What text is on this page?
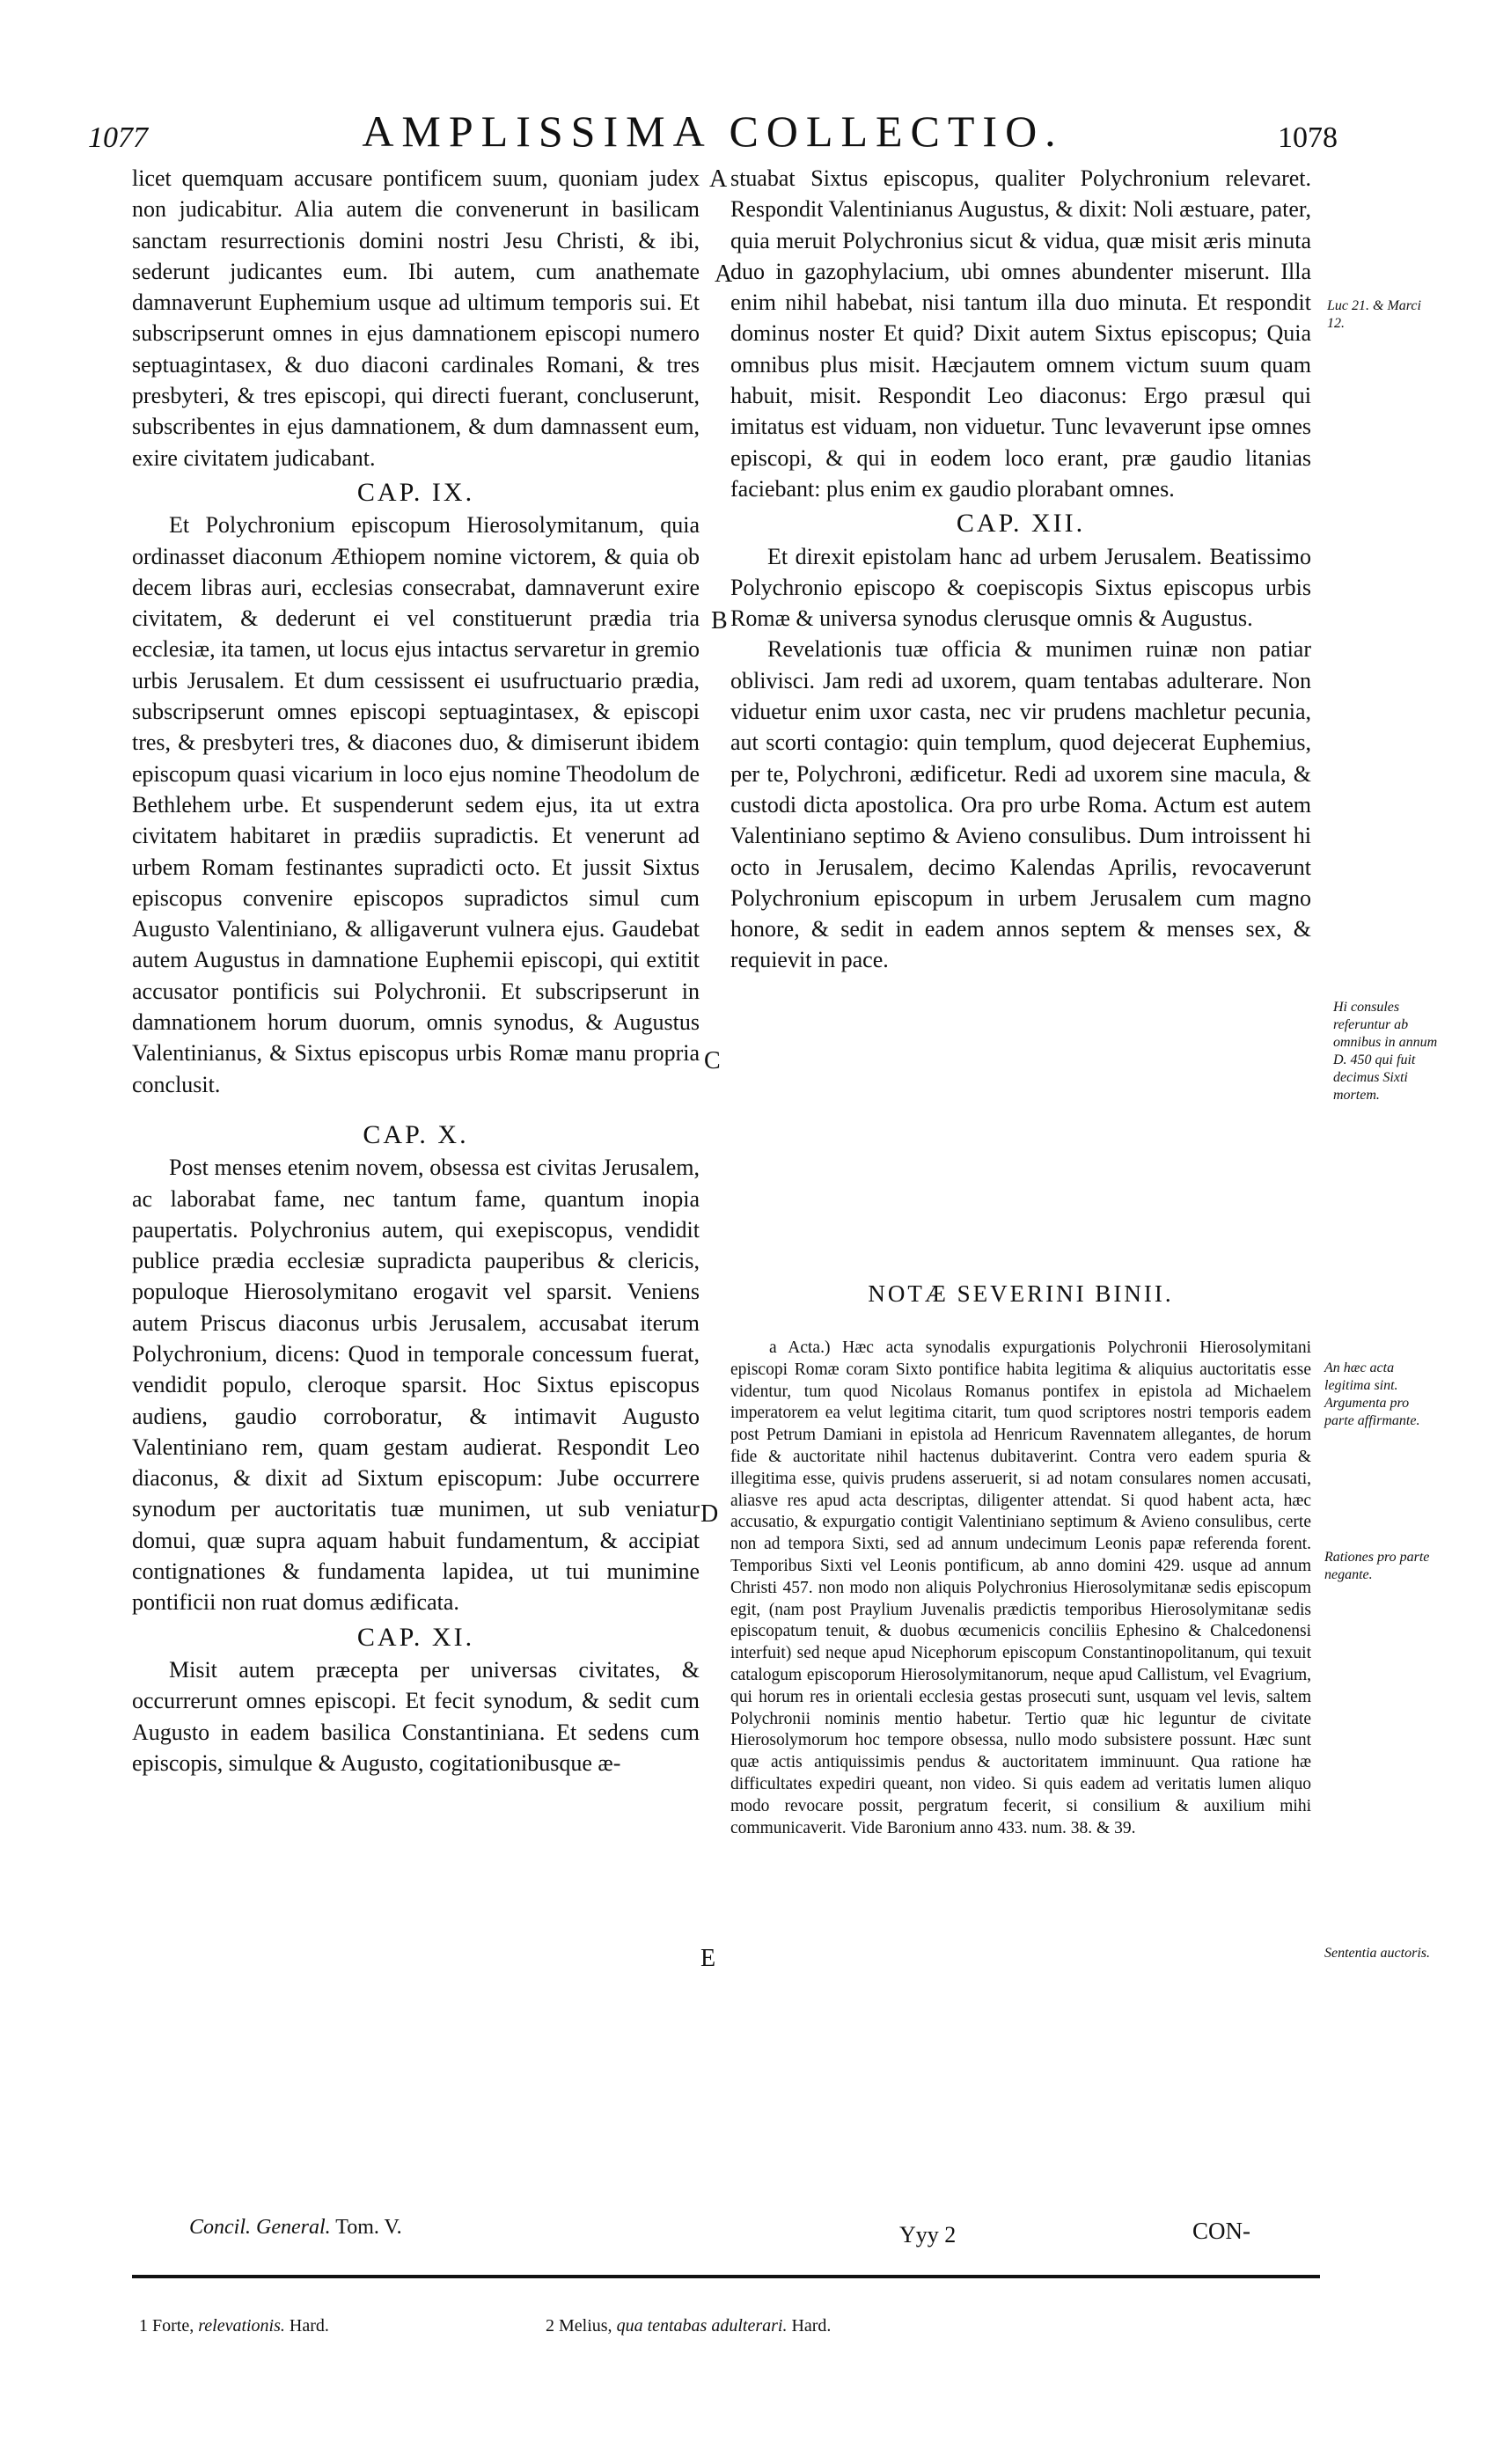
1077	AMPLISSIMA COLLECTIO.	1078

licet quemquam accusare pontificem suum, quoniam judex non judicabitur. Alia autem die convenerunt in basilicam sanctam resurrectionis domini nostri Jesu Christi, & ibi, sederunt judicantes eum. Ibi autem, cum anathemate damnaverunt Euphemium usque ad ultimum temporis sui. Et subscripserunt omnes in ejus damnationem episcopi numero septuagintasex, & duo diaconi cardinales Romani, & tres presbyteri, & tres episcopi, qui directi fuerant, concluserunt, subscribentes in ejus damnationem, & dum damnassent eum, exire civitatem judicabant.

CAP. IX.

Et Polychronium episcopum Hierosolymitanum, quia ordinasset diaconum Æthiopem nomine victorem, & quia ob decem libras auri, ecclesias consecrabat, damnaverunt exire civitatem, & dederunt ei vel constituerunt prædia tria ecclesiæ, ita tamen, ut locus ejus intactus servaretur in gremio urbis Jerusalem. Et dum cessissent ei usufructuario prædia, subscripserunt omnes episcopi septuagintasex, & episcopi tres, & presbyteri tres, & diacones duo, & dimiserunt ibidem episcopum quasi vicarium in loco ejus nomine Theodolum de Bethlehem urbe. Et suspenderunt sedem ejus, ita ut extra civitatem habitaret in prædiis supradictis. Et venerunt ad urbem Romam festinantes supradicti octo. Et jussit Sixtus episcopus convenire episcopos supradictos simul cum Augusto Valentiniano, & alligaverunt vulnera ejus. Gaudebat autem Augustus in damnatione Euphemii episcopi, qui extitit accusator pontificis sui Polychronii. Et subscripserunt in damnationem horum duorum, omnis synodus, & Augustus Valentinianus, & Sixtus episcopus urbis Romæ manu propria conclusit.

CAP. X.

Post menses etenim novem, obsessa est civitas Jerusalem, ac laborabat fame, nec tantum fame, quantum inopia paupertatis. Polychronius autem, qui exepiscopus, vendidit publice prædia ecclesiæ supradicta pauperibus & clericis, populoque Hierosolymitano erogavit vel sparsit. Veniens autem Priscus diaconus urbis Jerusalem, accusabat iterum Polychronium, dicens: Quod in temporale concessum fuerat, vendidit populo, cleroque sparsit. Hoc Sixtus episcopus audiens, gaudio corroboratur, & intimavit Augusto Valentiniano rem, quam gestam audierat. Respondit Leo diaconus, & dixit ad Sixtum episcopum: Jube occurrere synodum per auctoritatis tuæ munimen, ut sub veniatur domui, quæ supra aquam habuit fundamentum, & accipiat contignationes & fundamenta lapidea, ut tui munimine pontificii non ruat domus ædificata.

CAP. XI.

Misit autem præcepta per universas civitates, & occurrerunt omnes episcopi. Et fecit synodum, & sedit cum Augusto in eadem basilica Constantiniana. Et sedens cum episcopis, simulque & Augusto, cogitationibusque æ-

stuabat Sixtus episcopus, qualiter Polychronium relevaret. Respondit Valentinianus Augustus, & dixit: Noli æstuare, pater, quia meruit Polychronius sicut & vidua, quæ misit æris minuta duo in gazophylacium, ubi omnes abundenter miserunt. Illa enim nihil habebat, nisi tantum illa duo minuta. Et respondit dominus noster Et quid? Dixit autem Sixtus episcopus; Quia omnibus plus misit. Hæcjautem omnem victum suum quam habuit, misit. Respondit Leo diaconus: Ergo præsul qui imitatus est viduam, non viduetur. Tunc levaverunt ipse omnes episcopi, & qui in eodem loco erant, præ gaudio litanias faciebant: plus enim ex gaudio plorabant omnes.

CAP. XII.

Et direxit epistolam hanc ad urbem Jerusalem. Beatissimo Polychronio episcopo & coepiscopis Sixtus episcopus urbis Romæ & universa synodus clerusque omnis & Augustus.

Revelationis tuæ officia & munimen ruinæ non patiar oblivisci. Jam redi ad uxorem, quam tentabas adulterare. Non viduetur enim uxor casta, nec vir prudens machletur pecunia, aut scorti contagio: quin templum, quod dejecerat Euphemius, per te, Polychroni, ædificetur. Redi ad uxorem sine macula, & custodi dicta apostolica. Ora pro urbe Roma. Actum est autem Valentiniano septimo & Avieno consulibus. Dum introissent hi octo in Jerusalem, decimo Kalendas Aprilis, revocaverunt Polychronium episcopum in urbem Jerusalem cum magno honore, & sedit in eadem annos septem & menses sex, & requievit in pace.

A
A
B
C
D
E
Luc 21. & Marci 12.
Hi consules referuntur ab omnibus in annum D. 450 qui fuit decimus Sixti mortem.
An hæc acta legitima sint. Argumenta pro parte affirmante.
Rationes pro parte negante.
Sententia auctoris.
NOTÆ SEVERINI BINII.

a Acta.) Hæc acta synodalis expurgationis Polychronii Hierosolymitani episcopi Romæ coram Sixto pontifice habita legitima & aliquius auctoritatis esse videntur, tum quod Nicolaus Romanus pontifex in epistola ad Michaelem imperatorem ea velut legitima citarit, tum quod scriptores nostri temporis eadem post Petrum Damiani in epistola ad Henricum Ravennatem allegantes, de horum fide & auctoritate nihil hactenus dubitaverint. Contra vero eadem spuria & illegitima esse, quivis prudens asseruerit, si ad notam consulares nomen accusati, aliasve res apud acta descriptas, diligenter attendat. Si quod habent acta, hæc accusatio, & expurgatio contigit Valentiniano septimum & Avieno consulibus, certe non ad tempora Sixti, sed ad annum undecimum Leonis papæ referenda forent. Temporibus Sixti vel Leonis pontificum, ab anno domini 429. usque ad annum Christi 457. non modo non aliquis Polychronius Hierosolymitanæ sedis episcopum egit, (nam post Praylium Juvenalis prædictis temporibus Hierosolymitanæ sedis episcopatum tenuit, & duobus œcumenicis conciliis Ephesino & Chalcedonensi interfuit) sed neque apud Nicephorum episcopum Constantinopolitanum, qui texuit catalogum episcoporum Hierosolymitanorum, neque apud Callistum, vel Evagrium, qui horum res in orientali ecclesia gestas prosecuti sunt, usquam vel levis, saltem Polychronii nominis mentio habetur. Tertio quæ hic leguntur de civitate Hierosolymorum hoc tempore obsessa, nullo modo subsistere possunt. Hæc sunt quæ actis antiquissimis pendus & auctoritatem imminuunt. Qua ratione hæ difficultates expediri queant, non video. Si quis eadem ad veritatis lumen aliquo modo revocare possit, pergratum fecerit, si consilium & auxilium mihi communicaverit. Vide Baronium anno 433. num. 38. & 39.

Concil. General. Tom. V.	Yyy 2	CON-
1 Forte, relevationis. Hard.	2 Melius, qua tentabas adulterari. Hard.
